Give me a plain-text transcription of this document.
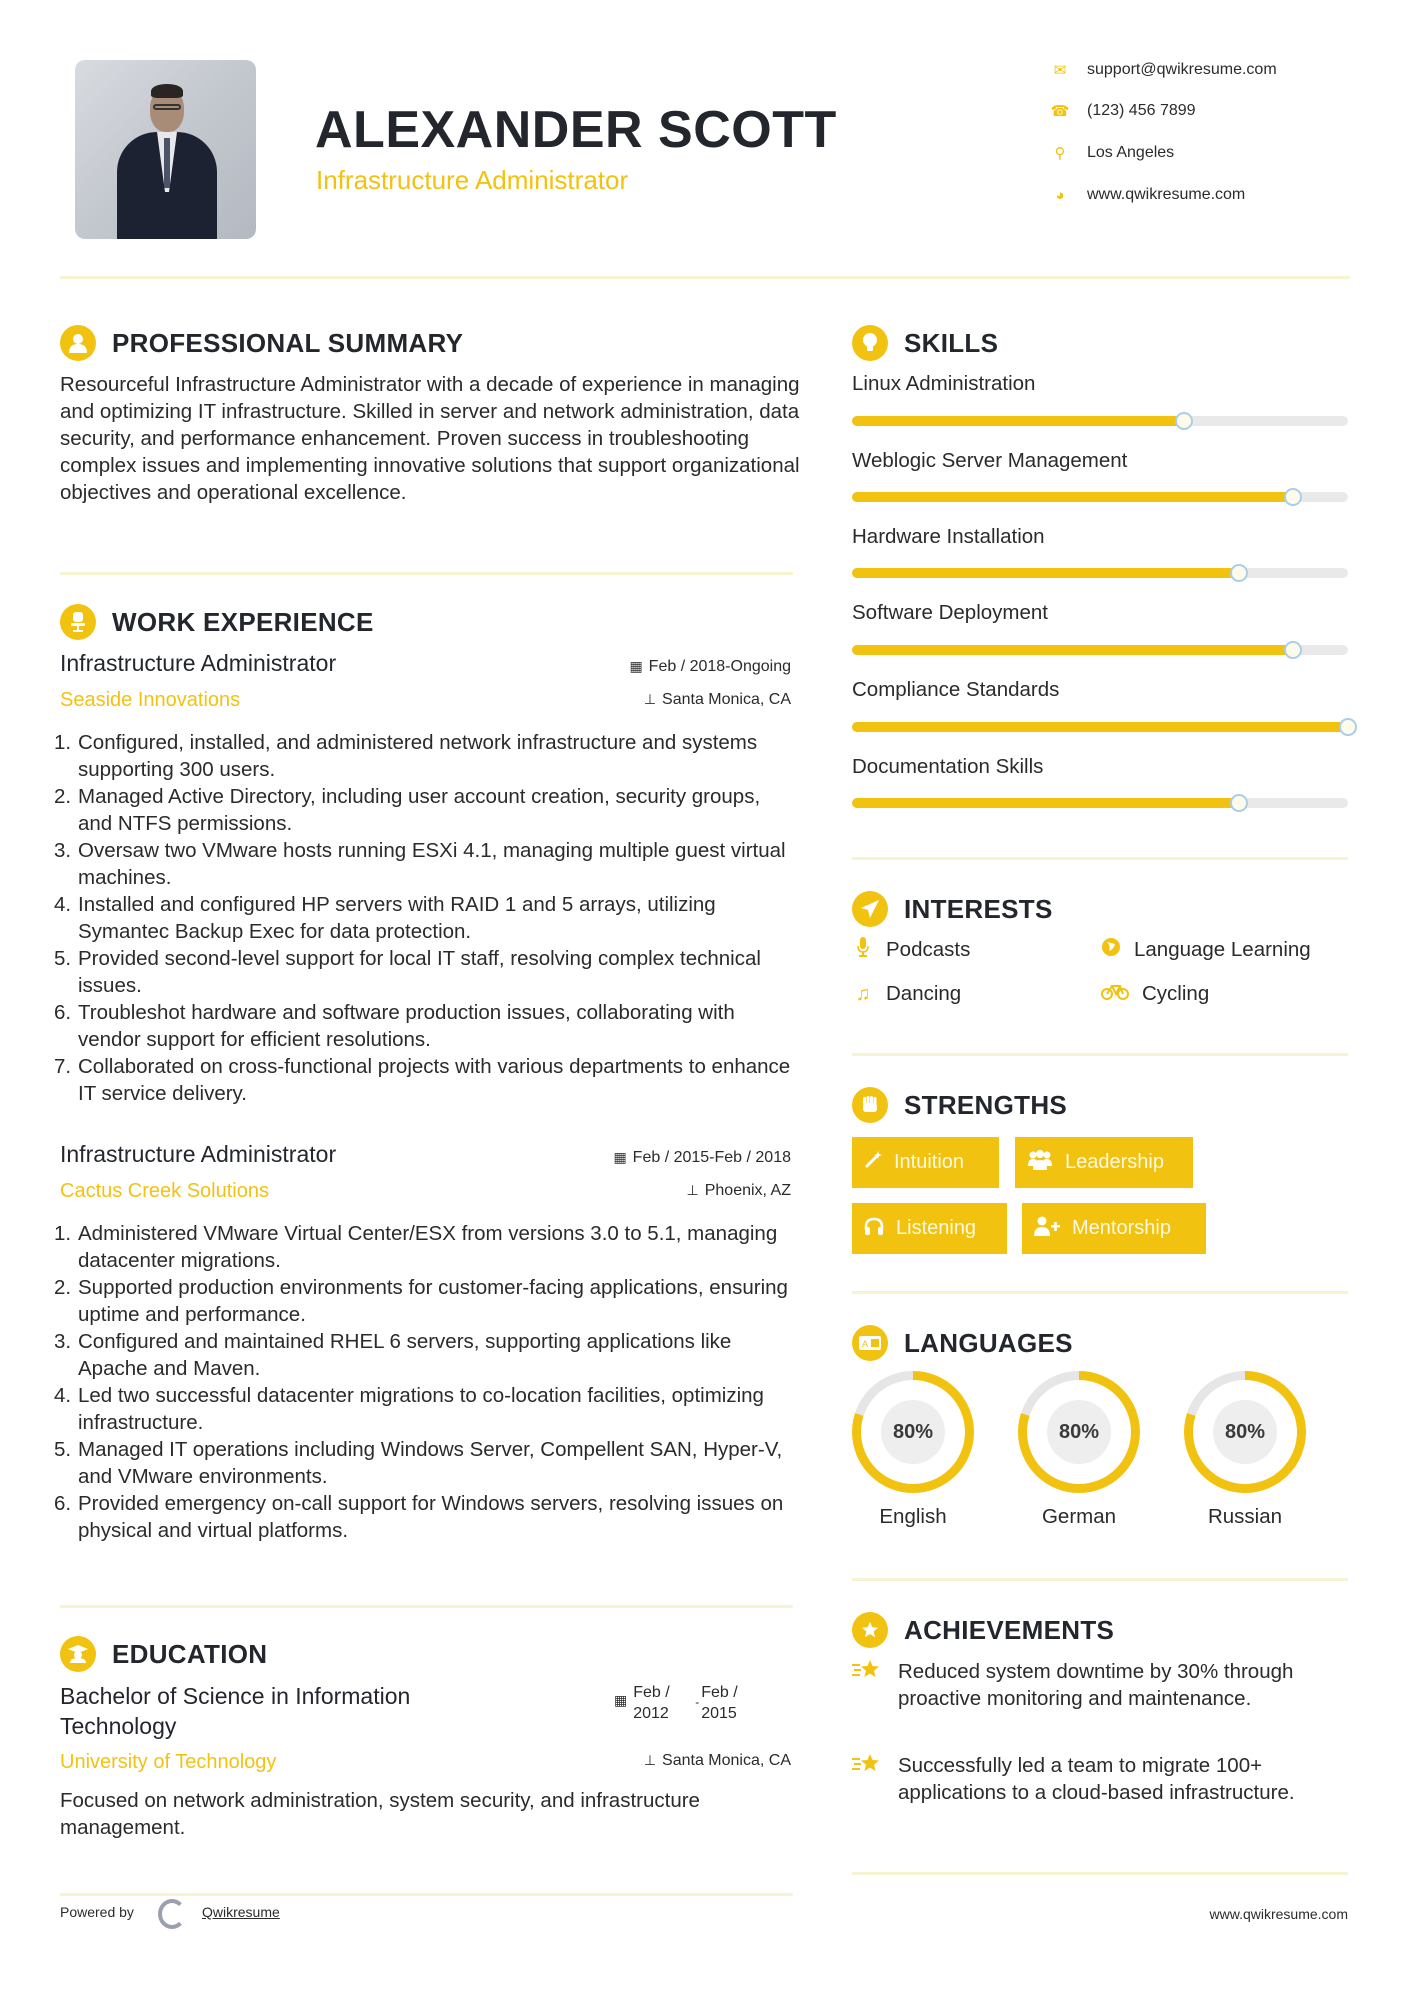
ALEXANDER SCOTT
Infrastructure Administrator
✉ support@qwikresume.com
☎ (123) 456 7899
⚲ Los Angeles
◕	www.qwikresume.com
PROFESSIONAL SUMMARY
Resourceful Infrastructure Administrator with a decade of experience in managing and optimizing IT infrastructure. Skilled in server and network administration, data security, and performance enhancement. Proven success in troubleshooting complex issues and implementing innovative solutions that support organizational objectives and operational excellence.
WORK EXPERIENCE
Infrastructure Administrator	▦ Feb / 2018-Ongoing
Seaside Innovations	⊥ Santa Monica, CA
1. Configured, installed, and administered network infrastructure and systems supporting 300 users.
2. Managed Active Directory, including user account creation, security groups, and NTFS permissions.
3. Oversaw two VMware hosts running ESXi 4.1, managing multiple guest virtual machines.
4. Installed and configured HP servers with RAID 1 and 5 arrays, utilizing Symantec Backup Exec for data protection.
5. Provided second-level support for local IT staff, resolving complex technical issues.
6. Troubleshot hardware and software production issues, collaborating with vendor support for efficient resolutions.
7. Collaborated on cross-functional projects with various departments to enhance IT service delivery.
Infrastructure Administrator	▦ Feb / 2015-Feb / 2018
Cactus Creek Solutions	⊥ Phoenix, AZ
1. Administered VMware Virtual Center/ESX from versions 3.0 to 5.1, managing datacenter migrations.
2. Supported production environments for customer-facing applications, ensuring uptime and performance.
3. Configured and maintained RHEL 6 servers, supporting applications like Apache and Maven.
4. Led two successful datacenter migrations to co-location facilities, optimizing infrastructure.
5. Managed IT operations including Windows Server, Compellent SAN, Hyper-V, and VMware environments.
6. Provided emergency on-call support for Windows servers, resolving issues on physical and virtual platforms.
EDUCATION
Bachelor of Science in Information Technology
▦ Feb / 2012
-
Feb / 2015
University of Technology	⊥ Santa Monica, CA
Focused on network administration, system security, and infrastructure management.
SKILLS
Linux Administration
Weblogic Server Management
Hardware Installation
Software Deployment
Compliance Standards
Documentation Skills
INTERESTS
Podcasts	Language Learning
♫ Dancing	Cycling
STRENGTHS
Intuition	Leadership
Listening	Mentorship
A LANGUAGES
80%
English
80%
German
80%
Russian
ACHIEVEMENTS
Reduced system downtime by 30% through proactive monitoring and maintenance.
Successfully led a team to migrate 100+ applications to a cloud-based infrastructure.
Powered by	Qwikresume	www.qwikresume.com
